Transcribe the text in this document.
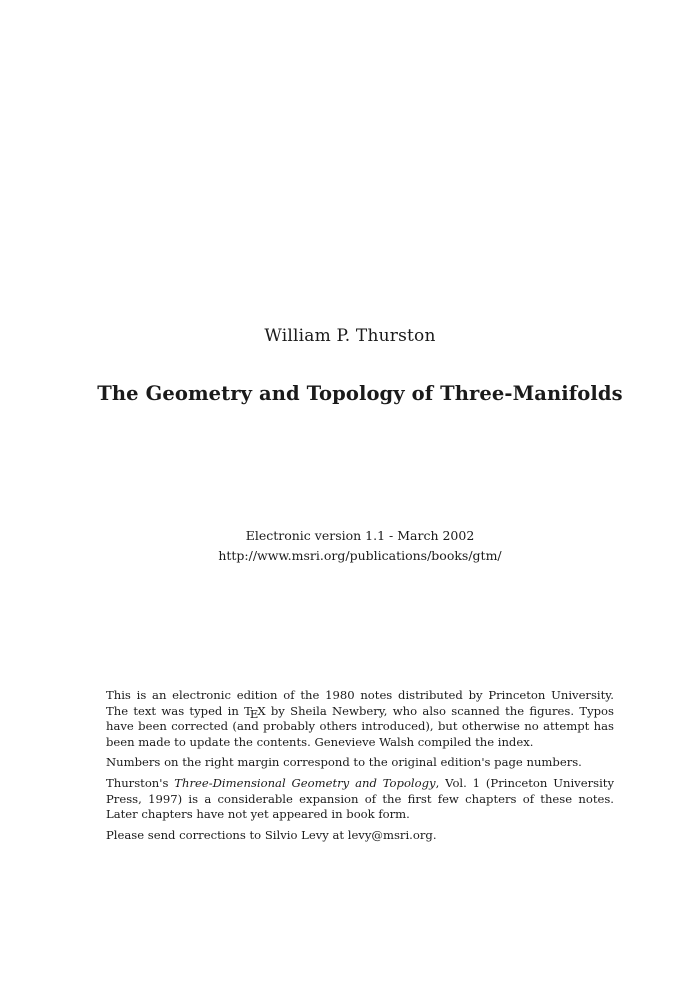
William P. Thurston
The Geometry and Topology of Three-Manifolds
Electronic version 1.1 - March 2002
http://www.msri.org/publications/books/gtm/

This is an electronic edition of the 1980 notes distributed by Princeton University. The text was typed in TEX by Sheila Newbery, who also scanned the figures. Typos have been corrected (and probably others introduced), but otherwise no attempt has been made to update the contents. Genevieve Walsh compiled the index.

Numbers on the right margin correspond to the original edition's page numbers.

Thurston's Three-Dimensional Geometry and Topology, Vol. 1 (Princeton University Press, 1997) is a considerable expansion of the first few chapters of these notes. Later chapters have not yet appeared in book form.

Please send corrections to Silvio Levy at levy@msri.org.
